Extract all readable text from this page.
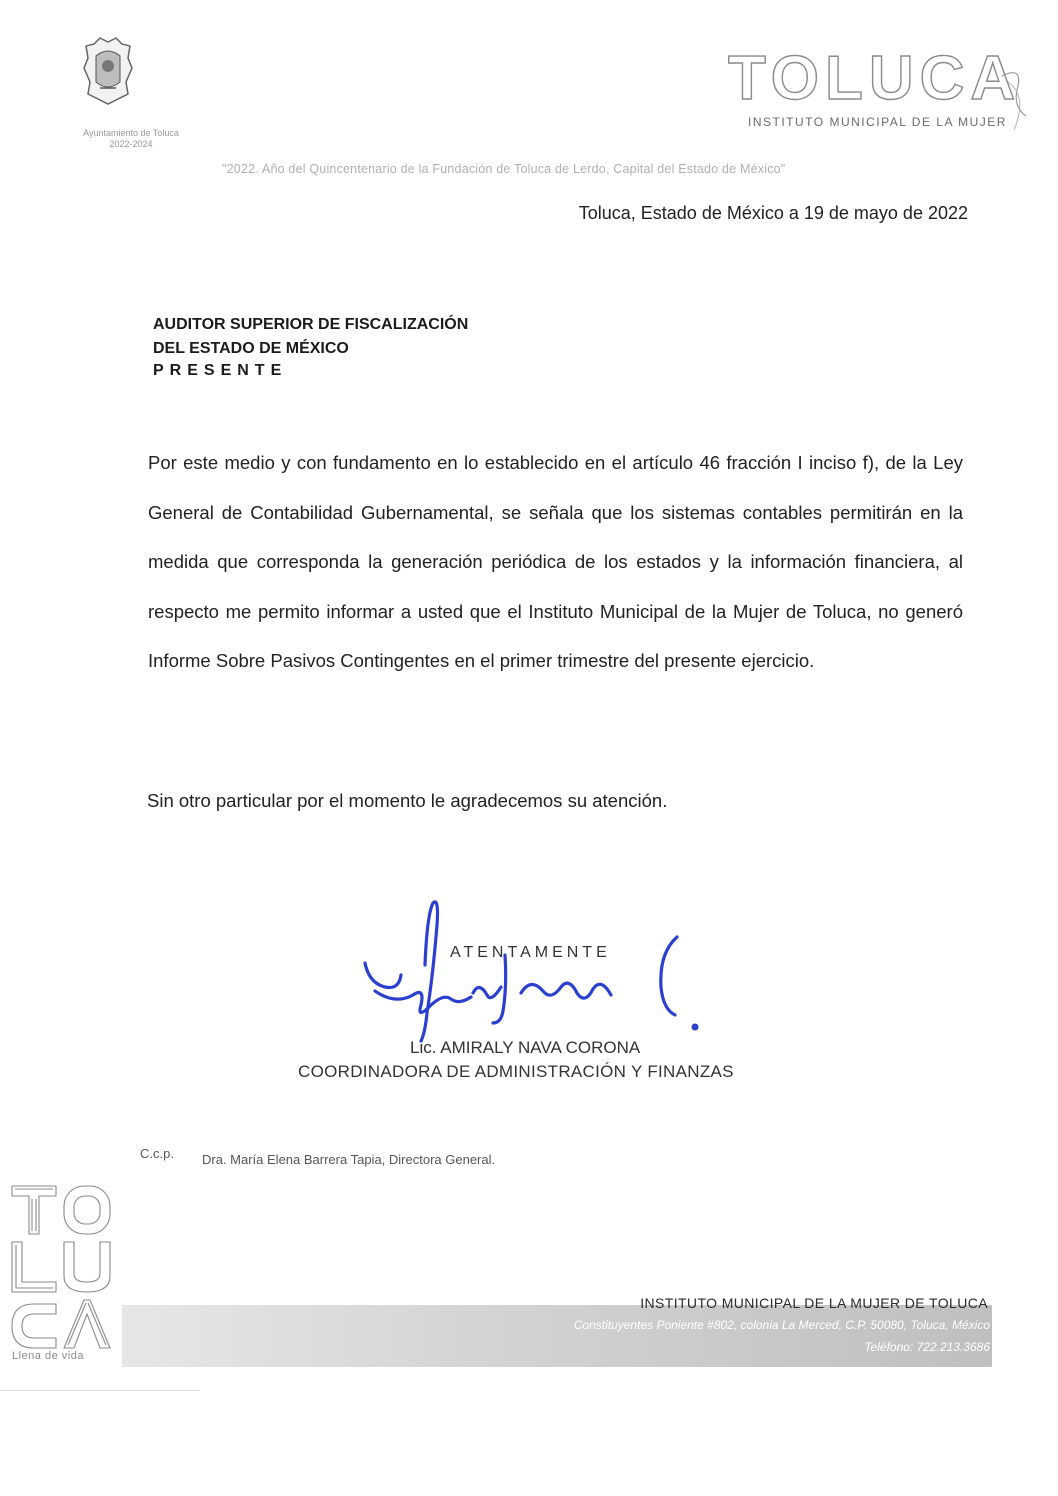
Ayuntamiento de Toluca
2022-2024
TOLUCA
INSTITUTO MUNICIPAL DE LA MUJER
"2022. Año del Quincentenario de la Fundación de Toluca de Lerdo, Capital del Estado de México"
Toluca, Estado de México a 19 de mayo de 2022
AUDITOR SUPERIOR DE FISCALIZACIÓN
DEL ESTADO DE MÉXICO
PRESENTE
Por este medio y con fundamento en lo establecido en el artículo 46 fracción I inciso f), de la Ley General de Contabilidad Gubernamental, se señala que los sistemas contables permitirán en la medida que corresponda la generación periódica de los estados y la información financiera, al respecto me permito informar a usted que el Instituto Municipal de la Mujer de Toluca, no generó Informe Sobre Pasivos Contingentes en el primer trimestre del presente ejercicio.
Sin otro particular por el momento le agradecemos su atención.
ATENTAMENTE
Lic. AMIRALY NAVA CORONA
COORDINADORA DE ADMINISTRACIÓN Y FINANZAS
C.c.p. Dra. María Elena Barrera Tapia, Directora General.
Llena de vida
INSTITUTO MUNICIPAL DE LA MUJER DE TOLUCA
Constituyentes Poniente #802, colonia La Merced, C.P. 50080, Toluca, México
Teléfono: 722.213.3686
